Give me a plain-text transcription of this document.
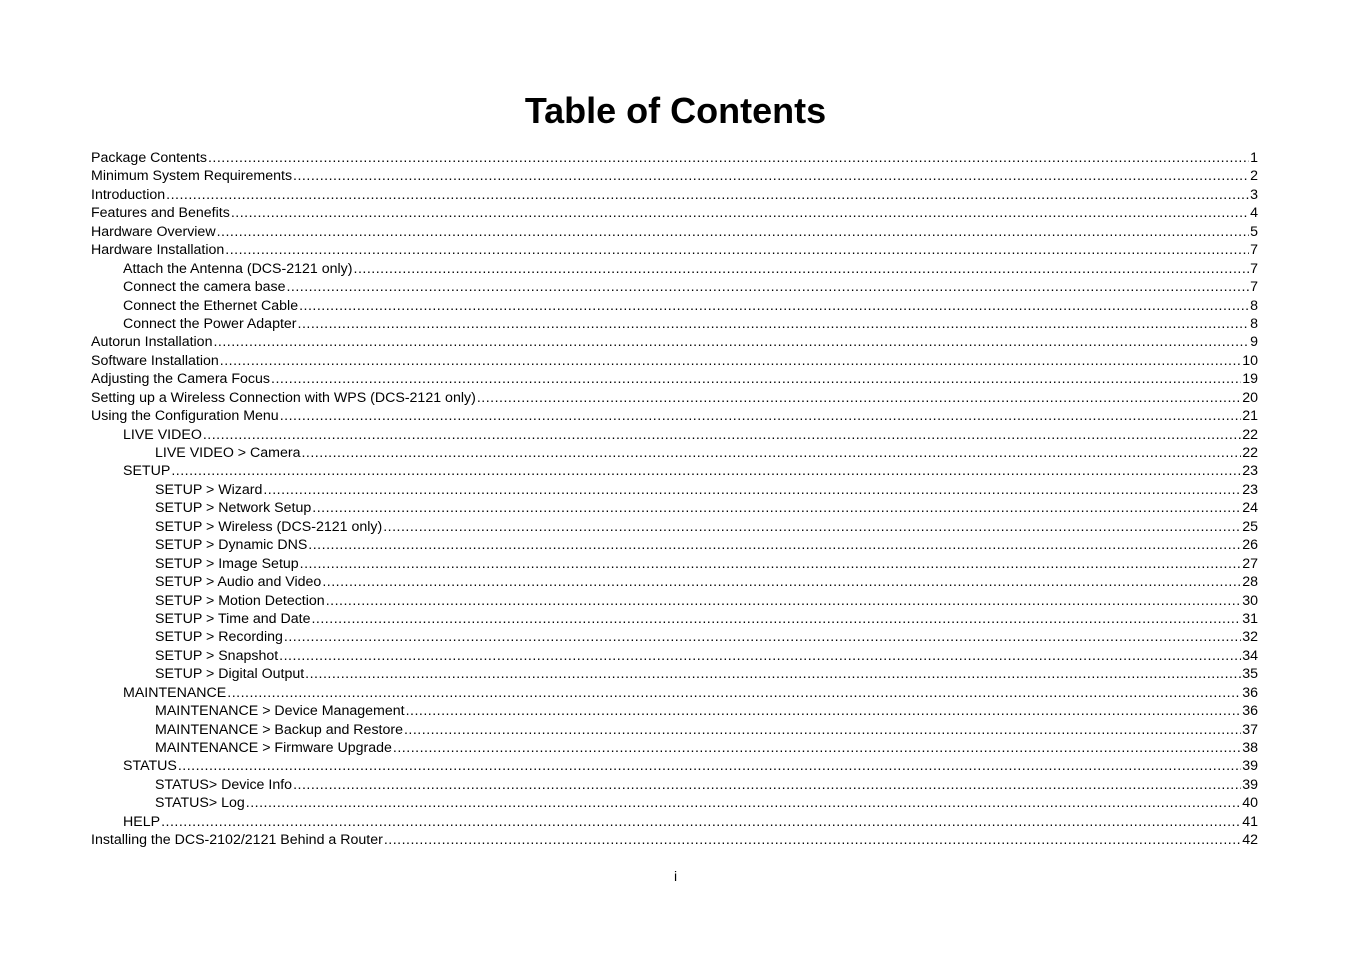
Table of Contents
Package Contents .....	1
Minimum System Requirements .....	2
Introduction .....	3
Features and Benefits .....	4
Hardware Overview .....	5
Hardware Installation .....	7
Attach the Antenna (DCS-2121 only) .....	7
Connect the camera base .....	7
Connect the Ethernet Cable .....	8
Connect the Power Adapter .....	8
Autorun Installation .....	9
Software Installation .....	10
Adjusting the Camera Focus .....	19
Setting up a Wireless Connection with WPS (DCS-2121 only) .....	20
Using the Configuration Menu .....	21
LIVE VIDEO .....	22
LIVE VIDEO > Camera .....	22
SETUP .....	23
SETUP > Wizard .....	23
SETUP > Network Setup .....	24
SETUP > Wireless (DCS-2121 only) .....	25
SETUP > Dynamic DNS .....	26
SETUP > Image Setup .....	27
SETUP > Audio and Video .....	28
SETUP > Motion Detection .....	30
SETUP > Time and Date .....	31
SETUP > Recording .....	32
SETUP > Snapshot .....	34
SETUP > Digital Output .....	35
MAINTENANCE .....	36
MAINTENANCE > Device Management .....	36
MAINTENANCE > Backup and Restore .....	37
MAINTENANCE > Firmware Upgrade .....	38
STATUS .....	39
STATUS> Device Info .....	39
STATUS> Log .....	40
HELP .....	41
Installing the DCS-2102/2121 Behind a Router .....	42
i
